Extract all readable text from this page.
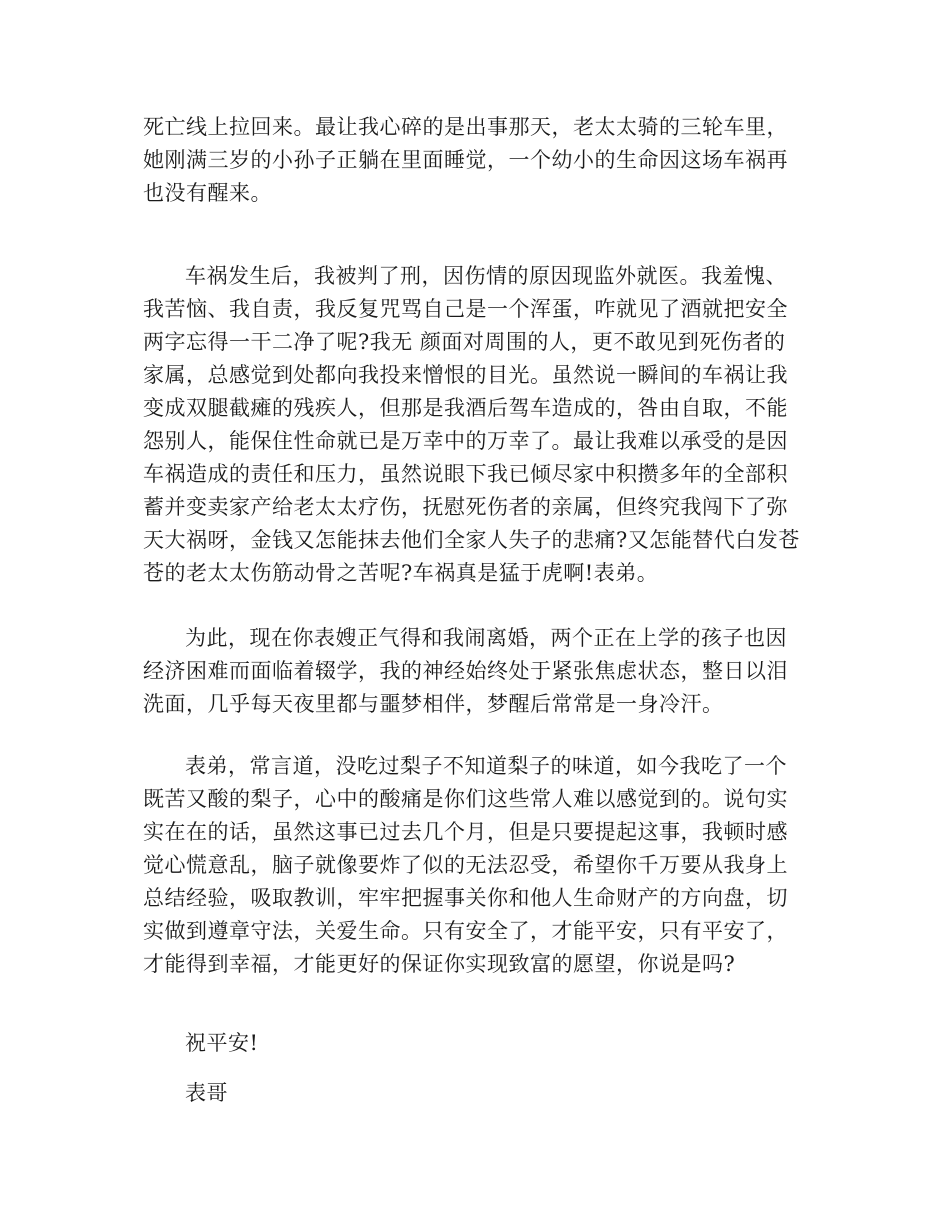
死亡线上拉回来。最让我心碎的是出事那天，老太太骑的三轮车里，
她刚满三岁的小孙子正躺在里面睡觉，一个幼小的生命因这场车祸再
也没有醒来。
车祸发生后，我被判了刑，因伤情的原因现监外就医。我羞愧、
我苦恼、我自责，我反复咒骂自己是一个浑蛋，咋就见了酒就把安全
两字忘得一干二净了呢?我无 颜面对周围的人，更不敢见到死伤者的
家属，总感觉到处都向我投来憎恨的目光。虽然说一瞬间的车祸让我
变成双腿截瘫的残疾人，但那是我酒后驾车造成的，咎由自取，不能
怨别人，能保住性命就已是万幸中的万幸了。最让我难以承受的是因
车祸造成的责任和压力，虽然说眼下我已倾尽家中积攒多年的全部积
蓄并变卖家产给老太太疗伤，抚慰死伤者的亲属，但终究我闯下了弥
天大祸呀，金钱又怎能抹去他们全家人失子的悲痛?又怎能替代白发苍
苍的老太太伤筋动骨之苦呢?车祸真是猛于虎啊!表弟。
为此，现在你表嫂正气得和我闹离婚，两个正在上学的孩子也因
经济困难而面临着辍学，我的神经始终处于紧张焦虑状态，整日以泪
洗面，几乎每天夜里都与噩梦相伴，梦醒后常常是一身冷汗。
表弟，常言道，没吃过梨子不知道梨子的味道，如今我吃了一个
既苦又酸的梨子，心中的酸痛是你们这些常人难以感觉到的。说句实
实在在的话，虽然这事已过去几个月，但是只要提起这事，我顿时感
觉心慌意乱，脑子就像要炸了似的无法忍受，希望你千万要从我身上
总结经验，吸取教训，牢牢把握事关你和他人生命财产的方向盘，切
实做到遵章守法，关爱生命。只有安全了，才能平安，只有平安了，
才能得到幸福，才能更好的保证你实现致富的愿望，你说是吗?
祝平安!
表哥
